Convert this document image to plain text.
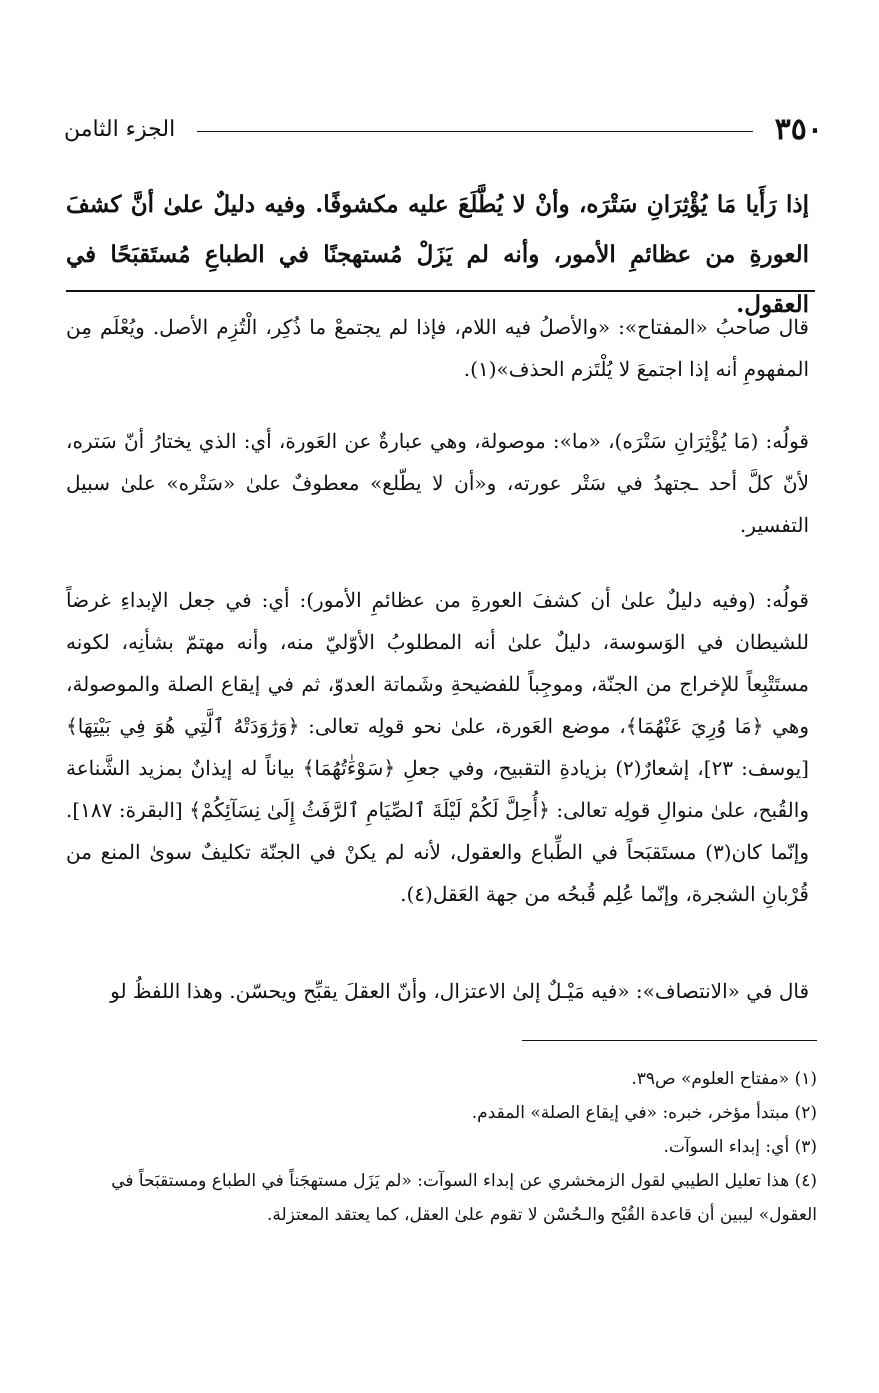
٣٥٠
الجزء الثامن

إذا رَأَيا مَا يُؤْثِرَانِ سَتْرَه، وأنْ لا يُطَّلَعَ عليه مكشوفًا. وفيه دليلٌ علىٰ أنَّ كشفَ العورةِ من عظائمِ الأمور، وأنه لم يَزَلْ مُستهجنًا في الطباعِ مُستَقبَحًا في العقول.

قال صاحبُ «المفتاح»: «والأصلُ فيه اللام، فإذا لم يجتمعْ ما ذُكِر، الْتُزِم الأصل. ويُعْلَم مِن المفهومِ أنه إذا اجتمعَ لا يُلْتَزم الحذف»(١).

قولُه: (مَا يُؤْثِرَانِ سَتْرَه)، «ما»: موصولة، وهي عبارةٌ عن العَورة، أي: الذي يختارُ أنّ سَتره، لأنّ كلَّ أحد ـجتهدُ في سَتْر عورته، و«أن لا يطّلع» معطوفٌ علىٰ «سَتْره» علىٰ سبيل التفسير.

قولُه: (وفيه دليلٌ علىٰ أن كشفَ العورةِ من عظائمِ الأمور): أي: في جعل الإبداءِ غرضاً للشيطان في الوَسوسة، دليلٌ علىٰ أنه المطلوبُ الأوّليّ منه، وأنه مهتمّ بشأنِه، لكونه مستَتْبِعاً للإخراج من الجنّة، وموجِباً للفضيحةِ وشَماتة العدوّ، ثم في إيقاع الصلة والموصولة، وهي ﴿مَا وُرِيَ عَنْهُمَا﴾، موضع العَورة، علىٰ نحو قولِه تعالى: ﴿وَرَٰوَدَتْهُ ٱلَّتِي هُوَ فِي بَيْتِهَا﴾ [يوسف: ٢٣]، إشعارٌ(٢) بزيادةِ التقبيح، وفي جعلِ ﴿سَوْءَٰتُهُمَا﴾ بياناً له إيذانٌ بمزيد الشَّناعة والقُبح، علىٰ منوالِ قولِه تعالى: ﴿أُحِلَّ لَكُمْ لَيْلَةَ ٱلصِّيَامِ ٱلرَّفَثُ إِلَىٰ نِسَآئِكُمْ﴾ [البقرة: ١٨٧]. وإنّما كان(٣) مستَقبَحاً في الطِّباع والعقول، لأنه لم يكنْ في الجنّة تكليفٌ سوىٰ المنع من قُرْبانِ الشجرة، وإنّما عُلِم قُبحُه من جهة العَقل(٤).

قال في «الانتصاف»: «فيه مَيْـلٌ إلىٰ الاعتزال، وأنّ العقلَ يقبِّح ويحسّن. وهذا اللفظُ لو

(١) «مفتاح العلوم» ص٣٩.
(٢) مبتدأ مؤخر، خبره: «في إيقاع الصلة» المقدم.
(٣) أي: إبداء السوآت.
(٤) هذا تعليل الطيبي لقول الزمخشري عن إبداء السوآت: «لم يَزَل مستهجَناً في الطباع ومستقبَحاً في العقول» ليبين أن قاعدة القُبْح والـحُسْن لا تقوم علىٰ العقل، كما يعتقد المعتزلة.
